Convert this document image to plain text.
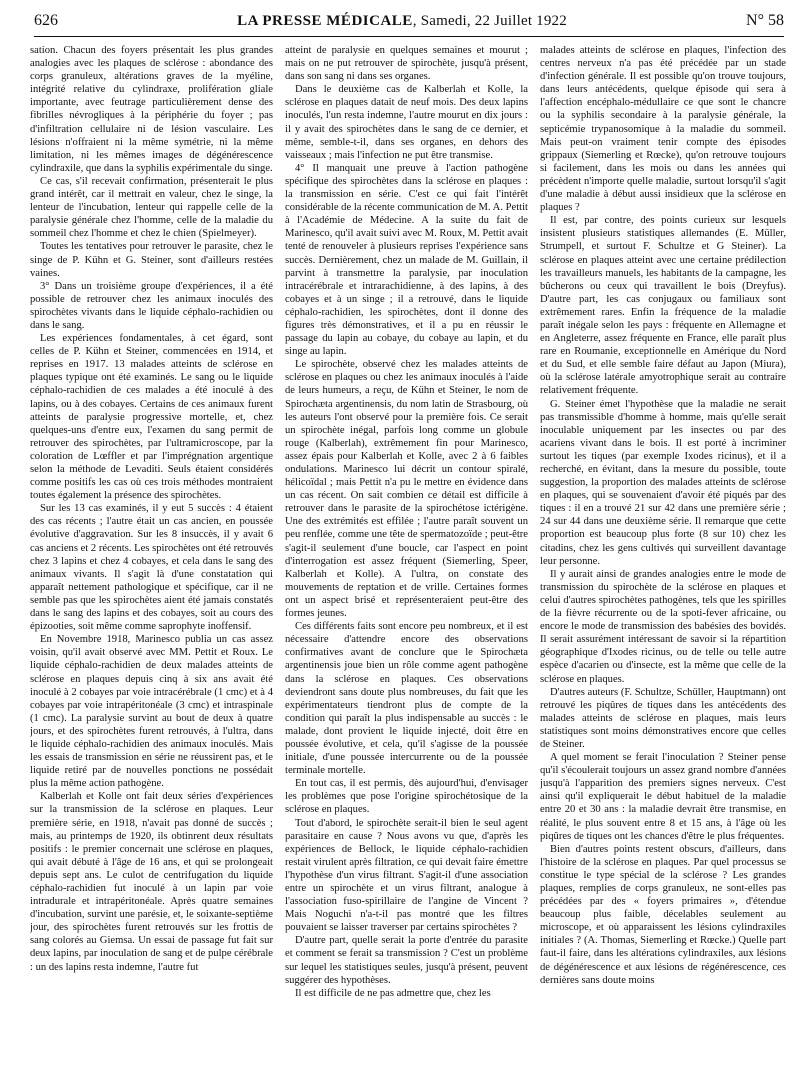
626	LA PRESSE MÉDICALE, Samedi, 22 Juillet 1922	N° 58

sation. Chacun des foyers présentait les plus grandes analogies avec les plaques de sclérose : abondance des corps granuleux, altérations graves de la myéline, intégrité relative du cylindraxe, prolifération gliale importante, avec feutrage particulièrement dense des fibrilles névrogliques à la périphérie du foyer ; pas d'infiltration cellulaire ni de lésion vasculaire. Les lésions n'offraient ni la même symétrie, ni la même limitation, ni les mêmes images de dégénérescence cylindraxile, que dans la syphilis expérimentale du singe.

Ce cas, s'il recevait confirmation, présenterait le plus grand intérêt, car il mettrait en valeur, chez le singe, la lenteur de l'incubation, lenteur qui rappelle celle de la paralysie générale chez l'homme, celle de la maladie du sommeil chez l'homme et chez le chien (Spielmeyer).

Toutes les tentatives pour retrouver le parasite, chez le singe de P. Kühn et G. Steiner, sont d'ailleurs restées vaines.

3° Dans un troisième groupe d'expériences, il a été possible de retrouver chez les animaux inoculés des spirochètes vivants dans le liquide céphalo-rachidien ou dans le sang.

Les expériences fondamentales, à cet égard, sont celles de P. Kühn et Steiner, commencées en 1914, et reprises en 1917. 13 malades atteints de sclérose en plaques typique ont été examinés. Le sang ou le liquide céphalo-rachidien de ces malades a été inoculé à des lapins, ou à des cobayes. Certains de ces animaux furent atteints de paralysie progressive mortelle, et, chez quelques-uns d'entre eux, l'examen du sang permit de retrouver des spirochètes, par l'ultramicroscope, par la coloration de Lœffler et par l'imprégnation argentique selon la méthode de Levaditi. Seuls étaient considérés comme positifs les cas où ces trois méthodes montraient toutes également la présence des spirochètes.

Sur les 13 cas examinés, il y eut 5 succès : 4 étaient des cas récents ; l'autre était un cas ancien, en poussée évolutive d'aggravation. Sur les 8 insuccès, il y avait 6 cas anciens et 2 récents. Les spirochètes ont été retrouvés chez 3 lapins et chez 4 cobayes, et cela dans le sang des animaux vivants. Il s'agit là d'une constatation qui apparaît nettement pathologique et spécifique, car il ne semble pas que les spirochètes aient été jamais constatés dans le sang des lapins et des cobayes, soit au cours des épizooties, soit même comme saprophyte inoffensif.

En Novembre 1918, Marinesco publia un cas assez voisin, qu'il avait observé avec MM. Pettit et Roux. Le liquide céphalo-rachidien de deux malades atteints de sclérose en plaques depuis cinq à six ans avait été inoculé à 2 cobayes par voie intracérébrale (1 cmc) et à 4 cobayes par voie intrapéritonéale (3 cmc) et intraspinale (1 cmc). La paralysie survint au bout de deux à quatre jours, et des spirochètes furent retrouvés, à l'ultra, dans le liquide céphalo-rachidien des animaux inoculés. Mais les essais de transmission en série ne réussirent pas, et le liquide retiré par de nouvelles ponctions ne possédait plus la même action pathogène.

Kalberlah et Kolle ont fait deux séries d'expériences sur la transmission de la sclérose en plaques. Leur première série, en 1918, n'avait pas donné de succès ; mais, au printemps de 1920, ils obtinrent deux résultats positifs : le premier concernait une sclérose en plaques, qui avait débuté à l'âge de 16 ans, et qui se prolongeait depuis sept ans. Le culot de centrifugation du liquide céphalo-rachidien fut inoculé à un lapin par voie intradurale et intrapéritonéale. Après quatre semaines d'incubation, survint une parésie, et, le soixante-septième jour, des spirochètes furent retrouvés sur les frottis de sang colorés au Giemsa. Un essai de passage fut fait sur deux lapins, par inoculation de sang et de pulpe cérébrale : un des lapins resta indemne, l'autre fut

atteint de paralysie en quelques semaines et mourut ; mais on ne put retrouver de spirochète, jusqu'à présent, dans son sang ni dans ses organes.

Dans le deuxième cas de Kalberlah et Kolle, la sclérose en plaques datait de neuf mois. Des deux lapins inoculés, l'un resta indemne, l'autre mourut en dix jours : il y avait des spirochètes dans le sang de ce dernier, et même, semble-t-il, dans ses organes, en dehors des vaisseaux ; mais l'infection ne put être transmise.

4° Il manquait une preuve à l'action pathogène spécifique des spirochètes dans la sclérose en plaques : la transmission en série. C'est ce qui fait l'intérêt considérable de la récente communication de M. A. Pettit à l'Académie de Médecine. A la suite du fait de Marinesco, qu'il avait suivi avec M. Roux, M. Pettit avait tenté de renouveler à plusieurs reprises l'expérience sans succès. Dernièrement, chez un malade de M. Guillain, il parvint à transmettre la paralysie, par inoculation intracérébrale et intrarachidienne, à des lapins, à des cobayes et à un singe ; il a retrouvé, dans le liquide céphalo-rachidien, les spirochètes, dont il donne des figures très démonstratives, et il a pu en réussir le passage du lapin au cobaye, du cobaye au lapin, et du singe au lapin.

Le spirochète, observé chez les malades atteints de sclérose en plaques ou chez les animaux inoculés à l'aide de leurs humeurs, a reçu, de Kühn et Steiner, le nom de Spirochæta argentinensis, du nom latin de Strasbourg, où les auteurs l'ont observé pour la première fois. Ce serait un spirochète inégal, parfois long comme un globule rouge (Kalberlah), extrêmement fin pour Marinesco, assez épais pour Kalberlah et Kolle, avec 2 à 6 faibles ondulations. Marinesco lui décrit un contour spiralé, hélicoïdal ; mais Pettit n'a pu le mettre en évidence dans un cas récent. On sait combien ce détail est difficile à retrouver dans le parasite de la spirochétose ictérigène. Une des extrémités est effilée ; l'autre paraît souvent un peu renflée, comme une tête de spermatozoïde ; peut-être s'agit-il seulement d'une boucle, car l'aspect en point d'interrogation est assez fréquent (Siemerling, Speer, Kalberlah et Kolle). A l'ultra, on constate des mouvements de reptation et de vrille. Certaines formes ont un aspect brisé et représenteraient peut-être des formes jeunes.

Ces différents faits sont encore peu nombreux, et il est nécessaire d'attendre encore des observations confirmatives avant de conclure que le Spirochæta argentinensis joue bien un rôle comme agent pathogène dans la sclérose en plaques. Ces observations deviendront sans doute plus nombreuses, du fait que les expérimentateurs tiendront plus de compte de la condition qui paraît la plus indispensable au succès : le malade, dont provient le liquide injecté, doit être en poussée évolutive, et cela, qu'il s'agisse de la poussée initiale, d'une poussée intercurrente ou de la poussée terminale mortelle.

En tout cas, il est permis, dès aujourd'hui, d'envisager les problèmes que pose l'origine spirochétosique de la sclérose en plaques.

Tout d'abord, le spirochète serait-il bien le seul agent parasitaire en cause ? Nous avons vu que, d'après les expériences de Bellock, le liquide céphalo-rachidien restait virulent après filtration, ce qui devait faire émettre l'hypothèse d'un virus filtrant. S'agit-il d'une association entre un spirochète et un virus filtrant, analogue à l'association fuso-spirillaire de l'angine de Vincent ? Mais Noguchi n'a-t-il pas montré que les filtres pouvaient se laisser traverser par certains spirochètes ?

D'autre part, quelle serait la porte d'entrée du parasite et comment se ferait sa transmission ? C'est un problème sur lequel les statistiques seules, jusqu'à présent, peuvent suggérer des hypothèses.

Il est difficile de ne pas admettre que, chez les

malades atteints de sclérose en plaques, l'infection des centres nerveux n'a pas été précédée par un stade d'infection générale. Il est possible qu'on trouve toujours, dans leurs antécédents, quelque épisode qui sera à l'affection encéphalo-médullaire ce que sont le chancre ou la syphilis secondaire à la paralysie générale, la septicémie trypanosomique à la maladie du sommeil. Mais peut-on vraiment tenir compte des épisodes grippaux (Siemerling et Rœcke), qu'on retrouve toujours si facilement, dans les mois ou dans les années qui précèdent n'importe quelle maladie, surtout lorsqu'il s'agit d'une maladie à début aussi insidieux que la sclérose en plaques ?

Il est, par contre, des points curieux sur lesquels insistent plusieurs statistiques allemandes (E. Müller, Strumpell, et surtout F. Schultze et G Steiner). La sclérose en plaques atteint avec une certaine prédilection les travailleurs manuels, les habitants de la campagne, les bûcherons ou ceux qui travaillent le bois (Dreyfus). D'autre part, les cas conjugaux ou familiaux sont extrêmement rares. Enfin la fréquence de la maladie paraît inégale selon les pays : fréquente en Allemagne et en Angleterre, assez fréquente en France, elle paraît plus rare en Roumanie, exceptionnelle en Amérique du Nord et du Sud, et elle semble faire défaut au Japon (Miura), où la sclérose latérale amyotrophique serait au contraire relativement fréquente.

G. Steiner émet l'hypothèse que la maladie ne serait pas transmissible d'homme à homme, mais qu'elle serait inoculable uniquement par les insectes ou par des acariens vivant dans le bois. Il est porté à incriminer surtout les tiques (par exemple Ixodes ricinus), et il a recherché, en évitant, dans la mesure du possible, toute suggestion, la proportion des malades atteints de sclérose en plaques, qui se souvenaient d'avoir été piqués par des tiques : il en a trouvé 21 sur 42 dans une première série ; 24 sur 44 dans une deuxième série. Il remarque que cette proportion est beaucoup plus forte (8 sur 10) chez les citadins, chez les gens cultivés qui surveillent davantage leur personne.

Il y aurait ainsi de grandes analogies entre le mode de transmission du spirochète de la sclérose en plaques et celui d'autres spirochètes pathogènes, tels que les spirilles de la fièvre récurrente ou de la spoti-fever africaine, ou encore le mode de transmission des babésies des bovidés. Il serait assurément intéressant de savoir si la répartition géographique d'Ixodes ricinus, ou de telle ou telle autre espèce d'acarien ou d'insecte, est la même que celle de la sclérose en plaques.

D'autres auteurs (F. Schultze, Schüller, Hauptmann) ont retrouvé les piqûres de tiques dans les antécédents des malades atteints de sclérose en plaques, mais leurs statistiques sont moins démonstratives encore que celles de Steiner.

A quel moment se ferait l'inoculation ? Steiner pense qu'il s'écoulerait toujours un assez grand nombre d'années jusqu'à l'apparition des premiers signes nerveux. C'est ainsi qu'il expliquerait le début habituel de la maladie entre 20 et 30 ans : la maladie devrait être transmise, en réalité, le plus souvent entre 8 et 15 ans, à l'âge où les piqûres de tiques ont les chances d'être le plus fréquentes.

Bien d'autres points restent obscurs, d'ailleurs, dans l'histoire de la sclérose en plaques. Par quel processus se constitue le type spécial de la sclérose ? Les grandes plaques, remplies de corps granuleux, ne sont-elles pas précédées par des « foyers primaires », d'étendue beaucoup plus faible, décelables seulement au microscope, et où apparaissent les lésions cylindraxiles initiales ? (A. Thomas, Siemerling et Rœcke.) Quelle part faut-il faire, dans les altérations cylindraxiles, aux lésions de dégénérescence et aux lésions de régénérescence, ces dernières sans doute moins
